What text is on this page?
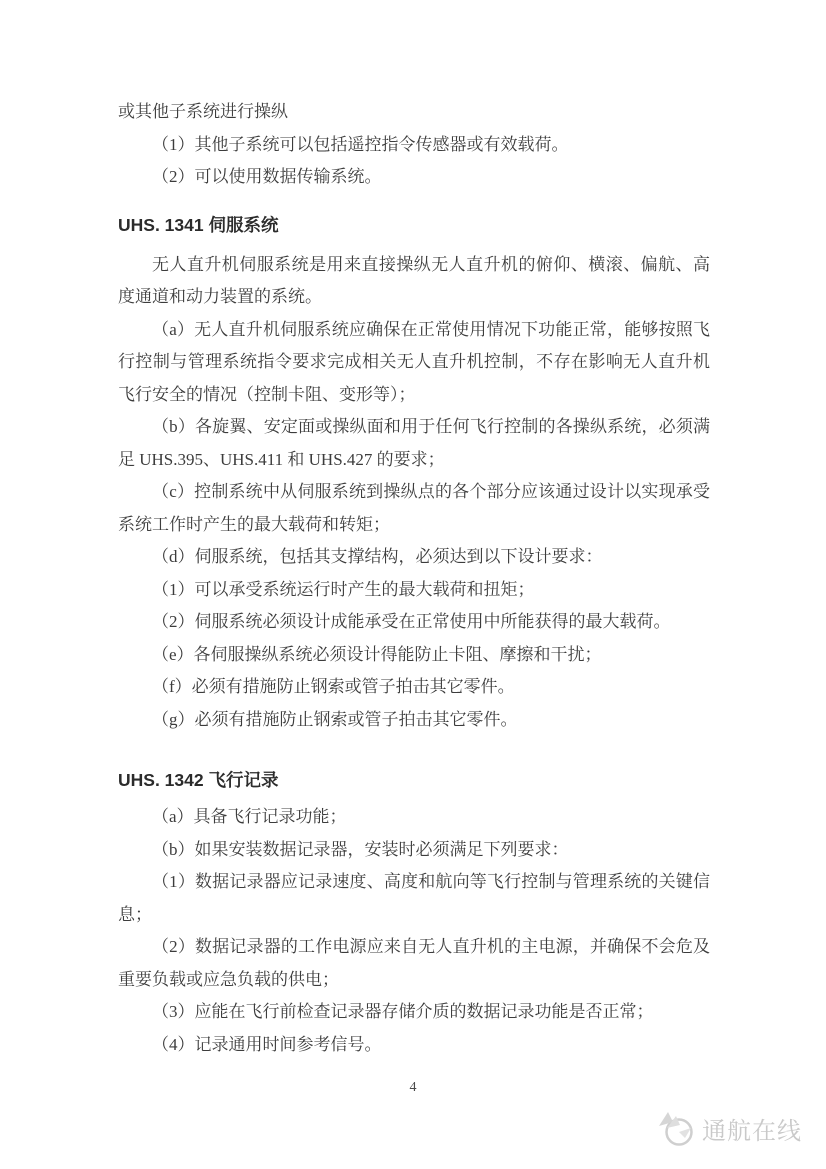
或其他子系统进行操纵

（1）其他子系统可以包括遥控指令传感器或有效载荷。

（2）可以使用数据传输系统。

UHS. 1341 伺服系统

无人直升机伺服系统是用来直接操纵无人直升机的俯仰、横滚、偏航、高度通道和动力装置的系统。

（a）无人直升机伺服系统应确保在正常使用情况下功能正常，能够按照飞行控制与管理系统指令要求完成相关无人直升机控制，不存在影响无人直升机飞行安全的情况（控制卡阻、变形等）；

（b）各旋翼、安定面或操纵面和用于任何飞行控制的各操纵系统，必须满足 UHS.395、UHS.411 和 UHS.427 的要求；

（c）控制系统中从伺服系统到操纵点的各个部分应该通过设计以实现承受系统工作时产生的最大载荷和转矩；

（d）伺服系统，包括其支撑结构，必须达到以下设计要求：

（1）可以承受系统运行时产生的最大载荷和扭矩；

（2）伺服系统必须设计成能承受在正常使用中所能获得的最大载荷。

（e）各伺服操纵系统必须设计得能防止卡阻、摩擦和干扰；

（f）必须有措施防止钢索或管子拍击其它零件。

（g）必须有措施防止钢索或管子拍击其它零件。

UHS. 1342 飞行记录

（a）具备飞行记录功能；

（b）如果安装数据记录器，安装时必须满足下列要求：

（1）数据记录器应记录速度、高度和航向等飞行控制与管理系统的关键信息；

（2）数据记录器的工作电源应来自无人直升机的主电源，并确保不会危及重要负载或应急负载的供电；

（3）应能在飞行前检查记录器存储介质的数据记录功能是否正常；

（4）记录通用时间参考信号。

4
通航在线
